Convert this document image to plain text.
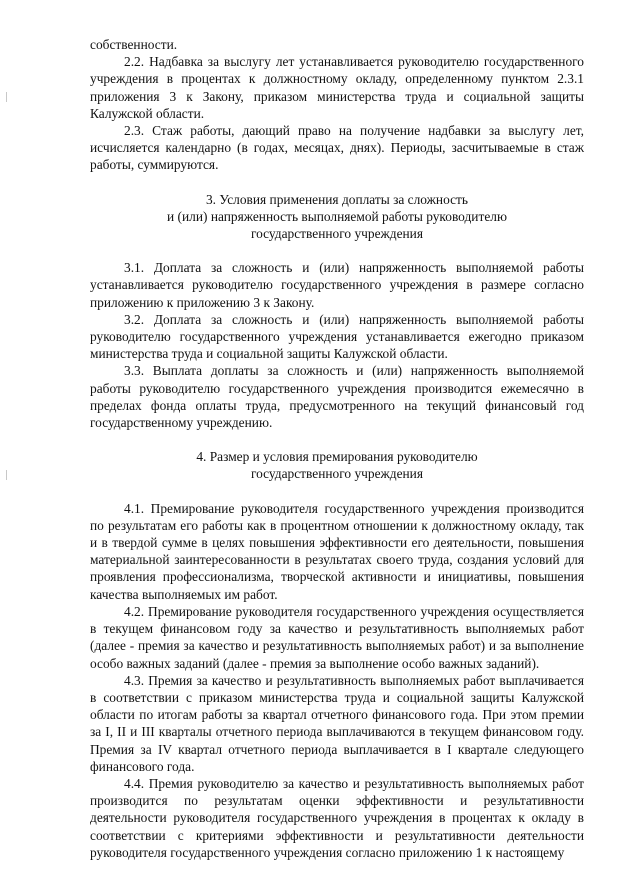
собственности.

2.2. Надбавка за выслугу лет устанавливается руководителю государственного учреждения в процентах к должностному окладу, определенному пунктом 2.3.1 приложения 3 к Закону, приказом министерства труда и социальной защиты Калужской области.

2.3. Стаж работы, дающий право на получение надбавки за выслугу лет, исчисляется календарно (в годах, месяцах, днях). Периоды, засчитываемые в стаж работы, суммируются.

3. Условия применения доплаты за сложность

и (или) напряженность выполняемой работы руководителю

государственного учреждения

3.1. Доплата за сложность и (или) напряженность выполняемой работы устанавливается руководителю государственного учреждения в размере согласно приложению к приложению 3 к Закону.

3.2. Доплата за сложность и (или) напряженность выполняемой работы руководителю государственного учреждения устанавливается ежегодно приказом министерства труда и социальной защиты Калужской области.

3.3. Выплата доплаты за сложность и (или) напряженность выполняемой работы руководителю государственного учреждения производится ежемесячно в пределах фонда оплаты труда, предусмотренного на текущий финансовый год государственному учреждению.

4. Размер и условия премирования руководителю

государственного учреждения

4.1. Премирование руководителя государственного учреждения производится по результатам его работы как в процентном отношении к должностному окладу, так и в твердой сумме в целях повышения эффективности его деятельности, повышения материальной заинтересованности в результатах своего труда, создания условий для проявления профессионализма, творческой активности и инициативы, повышения качества выполняемых им работ.

4.2. Премирование руководителя государственного учреждения осуществляется в текущем финансовом году за качество и результативность выполняемых работ (далее - премия за качество и результативность выполняемых работ) и за выполнение особо важных заданий (далее - премия за выполнение особо важных заданий).

4.3. Премия за качество и результативность выполняемых работ выплачивается в соответствии с приказом министерства труда и социальной защиты Калужской области по итогам работы за квартал отчетного финансового года. При этом премии за I, II и III кварталы отчетного периода выплачиваются в текущем финансовом году. Премия за IV квартал отчетного периода выплачивается в I квартале следующего финансового года.

4.4. Премия руководителю за качество и результативность выполняемых работ производится по результатам оценки эффективности и результативности деятельности руководителя государственного учреждения в процентах к окладу в соответствии с критериями эффективности и результативности деятельности руководителя государственного учреждения согласно приложению 1 к настоящему
